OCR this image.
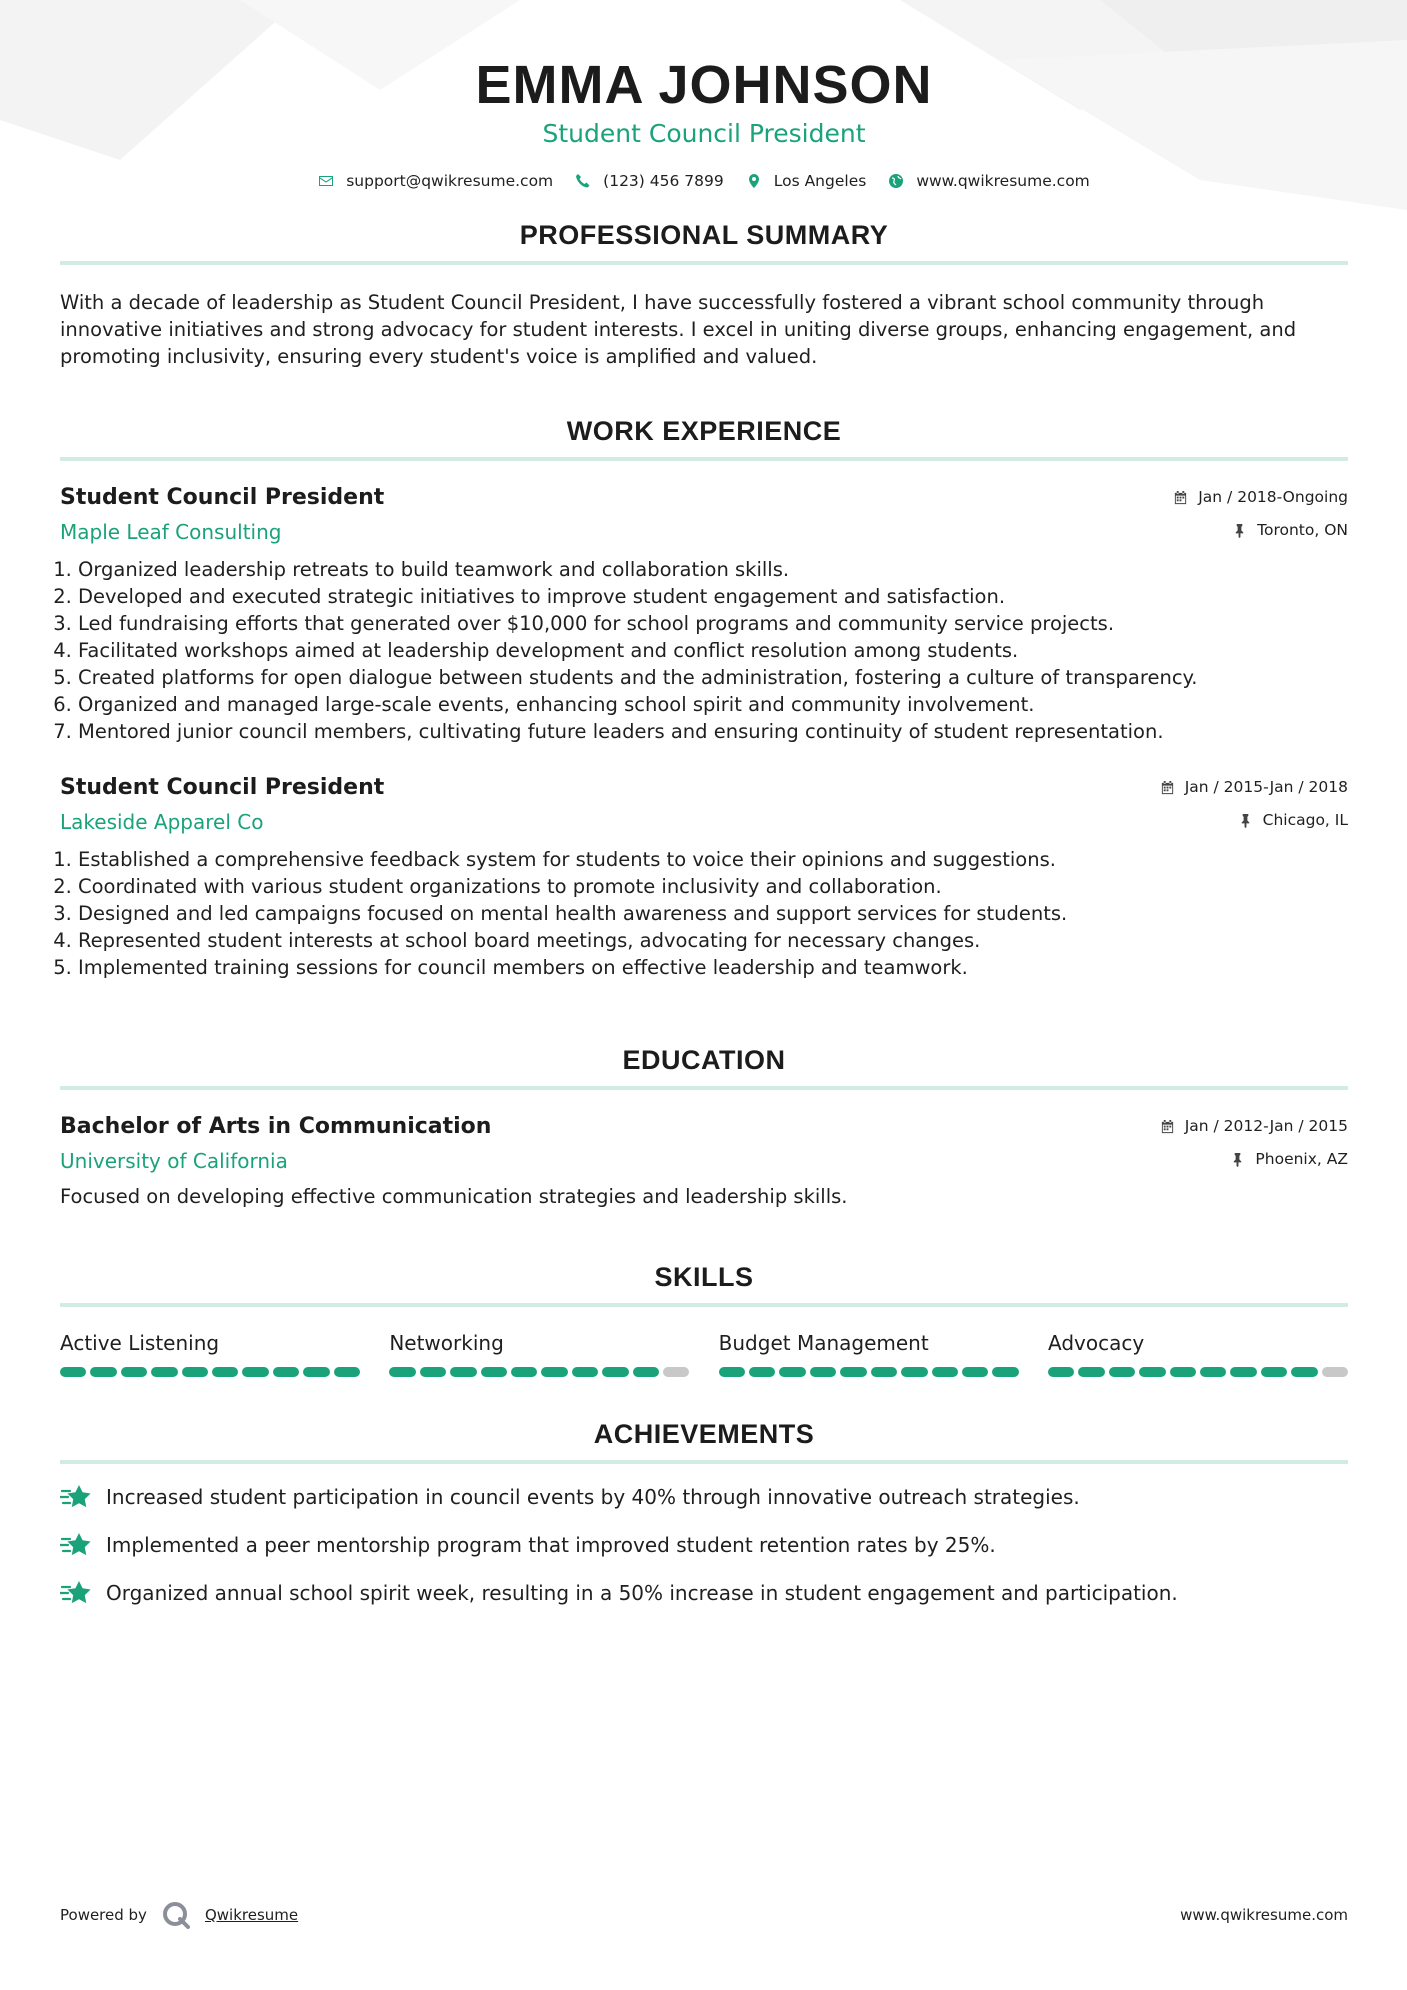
EMMA JOHNSON
Student Council President
support@qwikresume.com	(123) 456 7899	Los Angeles	www.qwikresume.com
PROFESSIONAL SUMMARY
With a decade of leadership as Student Council President, I have successfully fostered a vibrant school community through innovative initiatives and strong advocacy for student interests. I excel in uniting diverse groups, enhancing engagement, and promoting inclusivity, ensuring every student's voice is amplified and valued.
WORK EXPERIENCE
Student Council President
Maple Leaf Consulting
Jan / 2018-Ongoing
Toronto, ON
1. Organized leadership retreats to build teamwork and collaboration skills.
2. Developed and executed strategic initiatives to improve student engagement and satisfaction.
3. Led fundraising efforts that generated over $10,000 for school programs and community service projects.
4. Facilitated workshops aimed at leadership development and conflict resolution among students.
5. Created platforms for open dialogue between students and the administration, fostering a culture of transparency.
6. Organized and managed large-scale events, enhancing school spirit and community involvement.
7. Mentored junior council members, cultivating future leaders and ensuring continuity of student representation.
Student Council President
Lakeside Apparel Co
Jan / 2015-Jan / 2018
Chicago, IL
1. Established a comprehensive feedback system for students to voice their opinions and suggestions.
2. Coordinated with various student organizations to promote inclusivity and collaboration.
3. Designed and led campaigns focused on mental health awareness and support services for students.
4. Represented student interests at school board meetings, advocating for necessary changes.
5. Implemented training sessions for council members on effective leadership and teamwork.
EDUCATION
Bachelor of Arts in Communication
University of California
Jan / 2012-Jan / 2015
Phoenix, AZ
Focused on developing effective communication strategies and leadership skills.
SKILLS
Active Listening	Networking	Budget Management	Advocacy
ACHIEVEMENTS
Increased student participation in council events by 40% through innovative outreach strategies.
Implemented a peer mentorship program that improved student retention rates by 25%.
Organized annual school spirit week, resulting in a 50% increase in student engagement and participation.
Powered by	Qwikresume	www.qwikresume.com
